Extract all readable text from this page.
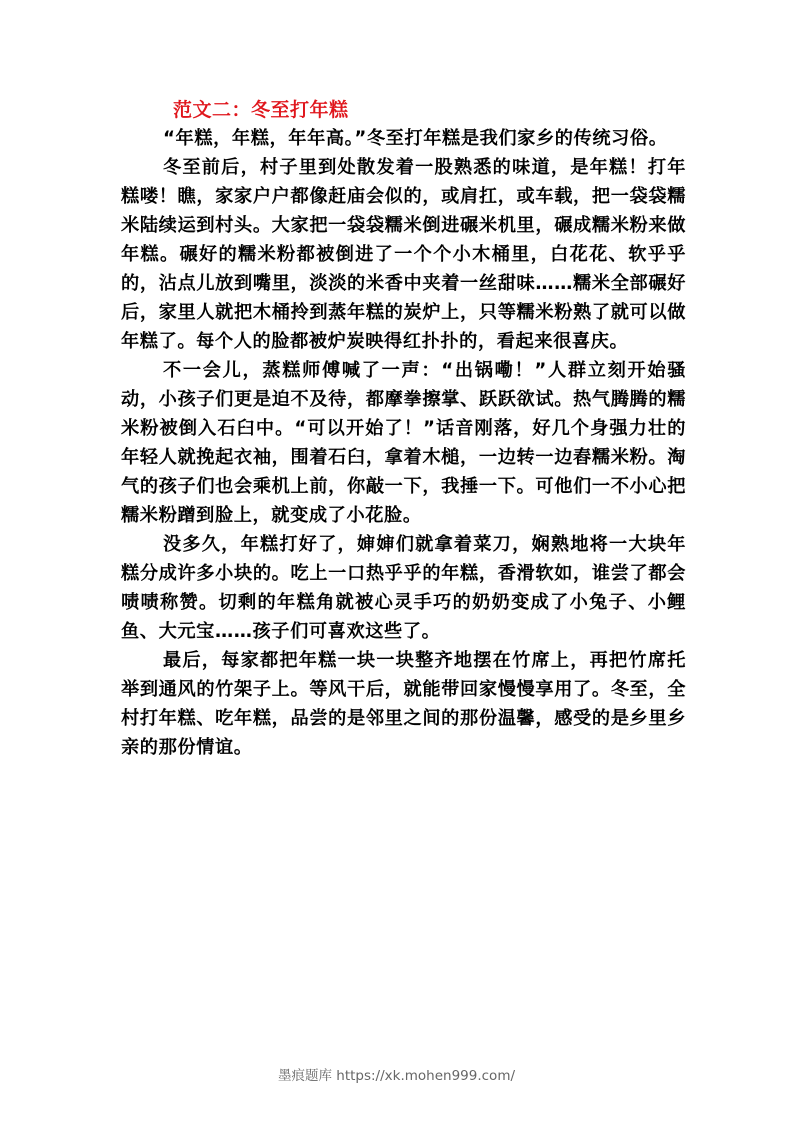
范文二：冬至打年糕

“年糕，年糕，年年高。”冬至打年糕是我们家乡的传统习俗。

冬至前后，村子里到处散发着一股熟悉的味道，是年糕！打年糕喽！瞧，家家户户都像赶庙会似的，或肩扛，或车载，把一袋袋糯米陆续运到村头。大家把一袋袋糯米倒进碾米机里，碾成糯米粉来做年糕。碾好的糯米粉都被倒进了一个个小木桶里，白花花、软乎乎的，沾点儿放到嘴里，淡淡的米香中夹着一丝甜味……糯米全部碾好后，家里人就把木桶拎到蒸年糕的炭炉上，只等糯米粉熟了就可以做年糕了。每个人的脸都被炉炭映得红扑扑的，看起来很喜庆。

不一会儿，蒸糕师傅喊了一声：“出锅嘞！”人群立刻开始骚动，小孩子们更是迫不及待，都摩拳擦掌、跃跃欲试。热气腾腾的糯米粉被倒入石臼中。“可以开始了！”话音刚落，好几个身强力壮的年轻人就挽起衣袖，围着石臼，拿着木槌，一边转一边舂糯米粉。淘气的孩子们也会乘机上前，你敲一下，我捶一下。可他们一不小心把糯米粉蹭到脸上，就变成了小花脸。

没多久，年糕打好了，婶婶们就拿着菜刀，娴熟地将一大块年糕分成许多小块的。吃上一口热乎乎的年糕，香滑软如，谁尝了都会啧啧称赞。切剩的年糕角就被心灵手巧的奶奶变成了小兔子、小鲤鱼、大元宝……孩子们可喜欢这些了。

最后，每家都把年糕一块一块整齐地摆在竹席上，再把竹席托举到通风的竹架子上。等风干后，就能带回家慢慢享用了。冬至，全村打年糕、吃年糕，品尝的是邻里之间的那份温馨，感受的是乡里乡亲的那份情谊。

墨痕题库 https://xk.mohen999.com/
